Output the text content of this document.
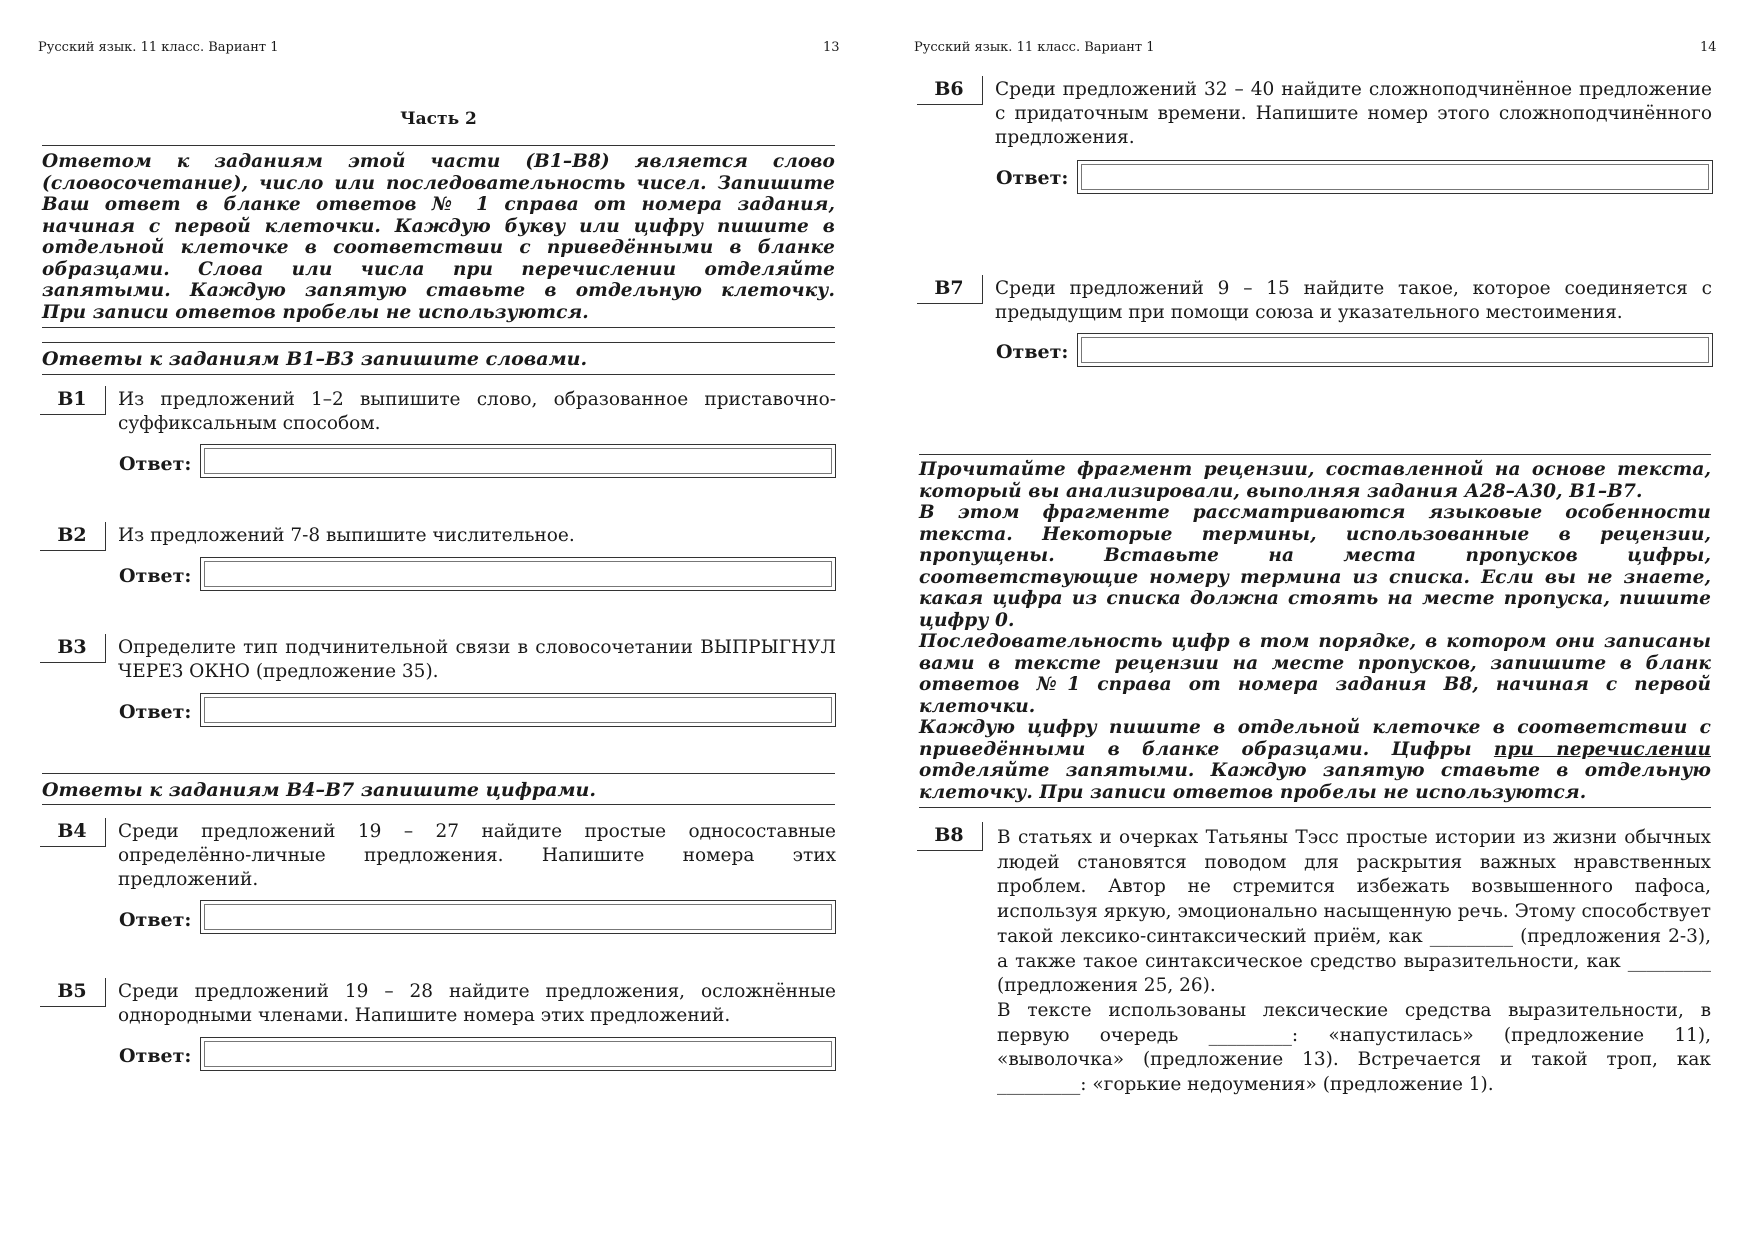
Русский язык. 11 класс. Вариант 1	13
Часть 2

Ответом к заданиям этой части (В1–В8) является слово (словосочетание), число или последовательность чисел. Запишите Ваш ответ в бланке ответов № 1 справа от номера задания, начиная с первой клеточки. Каждую букву или цифру пишите в отдельной клеточке в соответствии с приведёнными в бланке образцами. Слова или числа при перечислении отделяйте запятыми. Каждую запятую ставьте в отдельную клеточку.

При записи ответов пробелы не используются.

Ответы к заданиям В1–В3 запишите словами.
B1	Из предложений 1–2 выпишите слово, образованное приставочно-суффиксальным способом.
Ответ:
B2	Из предложений 7-8 выпишите числительное.
Ответ:
B3	Определите тип подчинительной связи в словосочетании ВЫПРЫГНУЛ ЧЕРЕЗ ОКНО (предложение 35).
Ответ:
Ответы к заданиям В4–В7 запишите цифрами.
B4	Среди предложений 19 – 27 найдите простые односоставные определённо-личные предложения. Напишите номера этих предложений.
Ответ:
B5	Среди предложений 19 – 28 найдите предложения, осложнённые однородными членами. Напишите номера этих предложений.
Ответ:
Русский язык. 11 класс. Вариант 1	14
B6	Среди предложений 32 – 40 найдите сложноподчинённое предложение с придаточным времени. Напишите номер этого сложноподчинённого предложения.
Ответ:
B7	Среди предложений 9 – 15 найдите такое, которое соединяется с предыдущим при помощи союза и указательного местоимения.
Ответ:

Прочитайте фрагмент рецензии, составленной на основе текста, который вы анализировали, выполняя задания А28–А30, В1–В7.

В этом фрагменте рассматриваются языковые особенности текста. Некоторые термины, использованные в рецензии, пропущены. Вставьте на места пропусков цифры, соответствующие номеру термина из списка. Если вы не знаете, какая цифра из списка должна стоять на месте пропуска, пишите цифру 0.

Последовательность цифр в том порядке, в котором они записаны вами в тексте рецензии на месте пропусков, запишите в бланк ответов №1 справа от номера задания В8, начиная с первой клеточки.

Каждую цифру пишите в отдельной клеточке в соответствии с приведёнными в бланке образцами. Цифры при перечислении отделяйте запятыми. Каждую запятую ставьте в отдельную клеточку. При записи ответов пробелы не используются.

B8	В статьях и очерках Татьяны Тэсс простые истории из жизни обычных людей становятся поводом для раскрытия важных нравственных проблем. Автор не стремится избежать возвышенного пафоса, используя яркую, эмоционально насыщенную речь. Этому способствует такой лексико-синтаксический приём, как _________ (предложения 2-3), а также такое синтаксическое средство выразительности, как _________ (предложения 25, 26).

В тексте использованы лексические средства выразительности, в первую очередь _________: «напустилась» (предложение 11), «выволочка» (предложение 13). Встречается и такой троп, как _________: «горькие недоумения» (предложение 1).
